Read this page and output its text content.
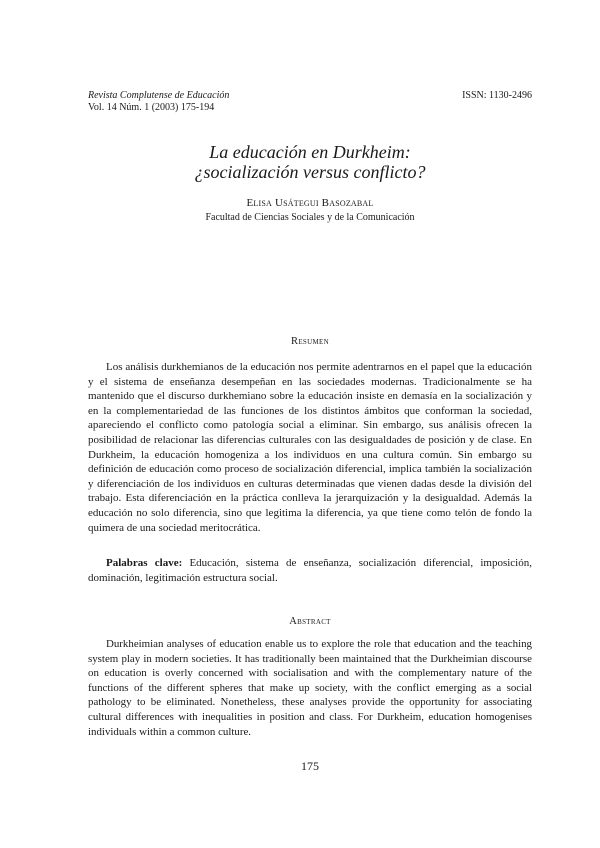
Revista Complutense de Educación
Vol. 14 Núm. 1 (2003) 175-194
ISSN: 1130-2496
La educación en Durkheim:
¿socialización versus conflicto?
Elisa Usátegui Basozabal
Facultad de Ciencias Sociales y de la Comunicación
Resumen

Los análisis durkhemianos de la educación nos permite adentrarnos en el papel que la educación y el sistema de enseñanza desempeñan en las sociedades modernas. Tradicionalmente se ha mantenido que el discurso durkhemiano sobre la educación insiste en demasía en la socialización y en la complementariedad de las funciones de los distintos ámbitos que conforman la sociedad, apareciendo el conflicto como patología social a eliminar. Sin embargo, sus análisis ofrecen la posibilidad de relacionar las diferencias culturales con las desigualdades de posición y de clase. En Durkheim, la educación homogeniza a los individuos en una cultura común. Sin embargo su definición de educación como proceso de socialización diferencial, implica también la socialización y diferenciación de los individuos en culturas determinadas que vienen dadas desde la división del trabajo. Esta diferenciación en la práctica conlleva la jerarquización y la desigualdad. Además la educación no solo diferencia, sino que legitima la diferencia, ya que tiene como telón de fondo la quimera de una sociedad meritocrática.

Palabras clave: Educación, sistema de enseñanza, socialización diferencial, imposición, dominación, legitimación estructura social.

Abstract

Durkheimian analyses of education enable us to explore the role that education and the teaching system play in modern societies. It has traditionally been maintained that the Durkheimian discourse on education is overly concerned with socialisation and with the complementary nature of the functions of the different spheres that make up society, with the conflict emerging as a social pathology to be eliminated. Nonetheless, these analyses provide the opportunity for associating cultural differences with inequalities in position and class. For Durkheim, education homogenises individuals within a common culture.

175
